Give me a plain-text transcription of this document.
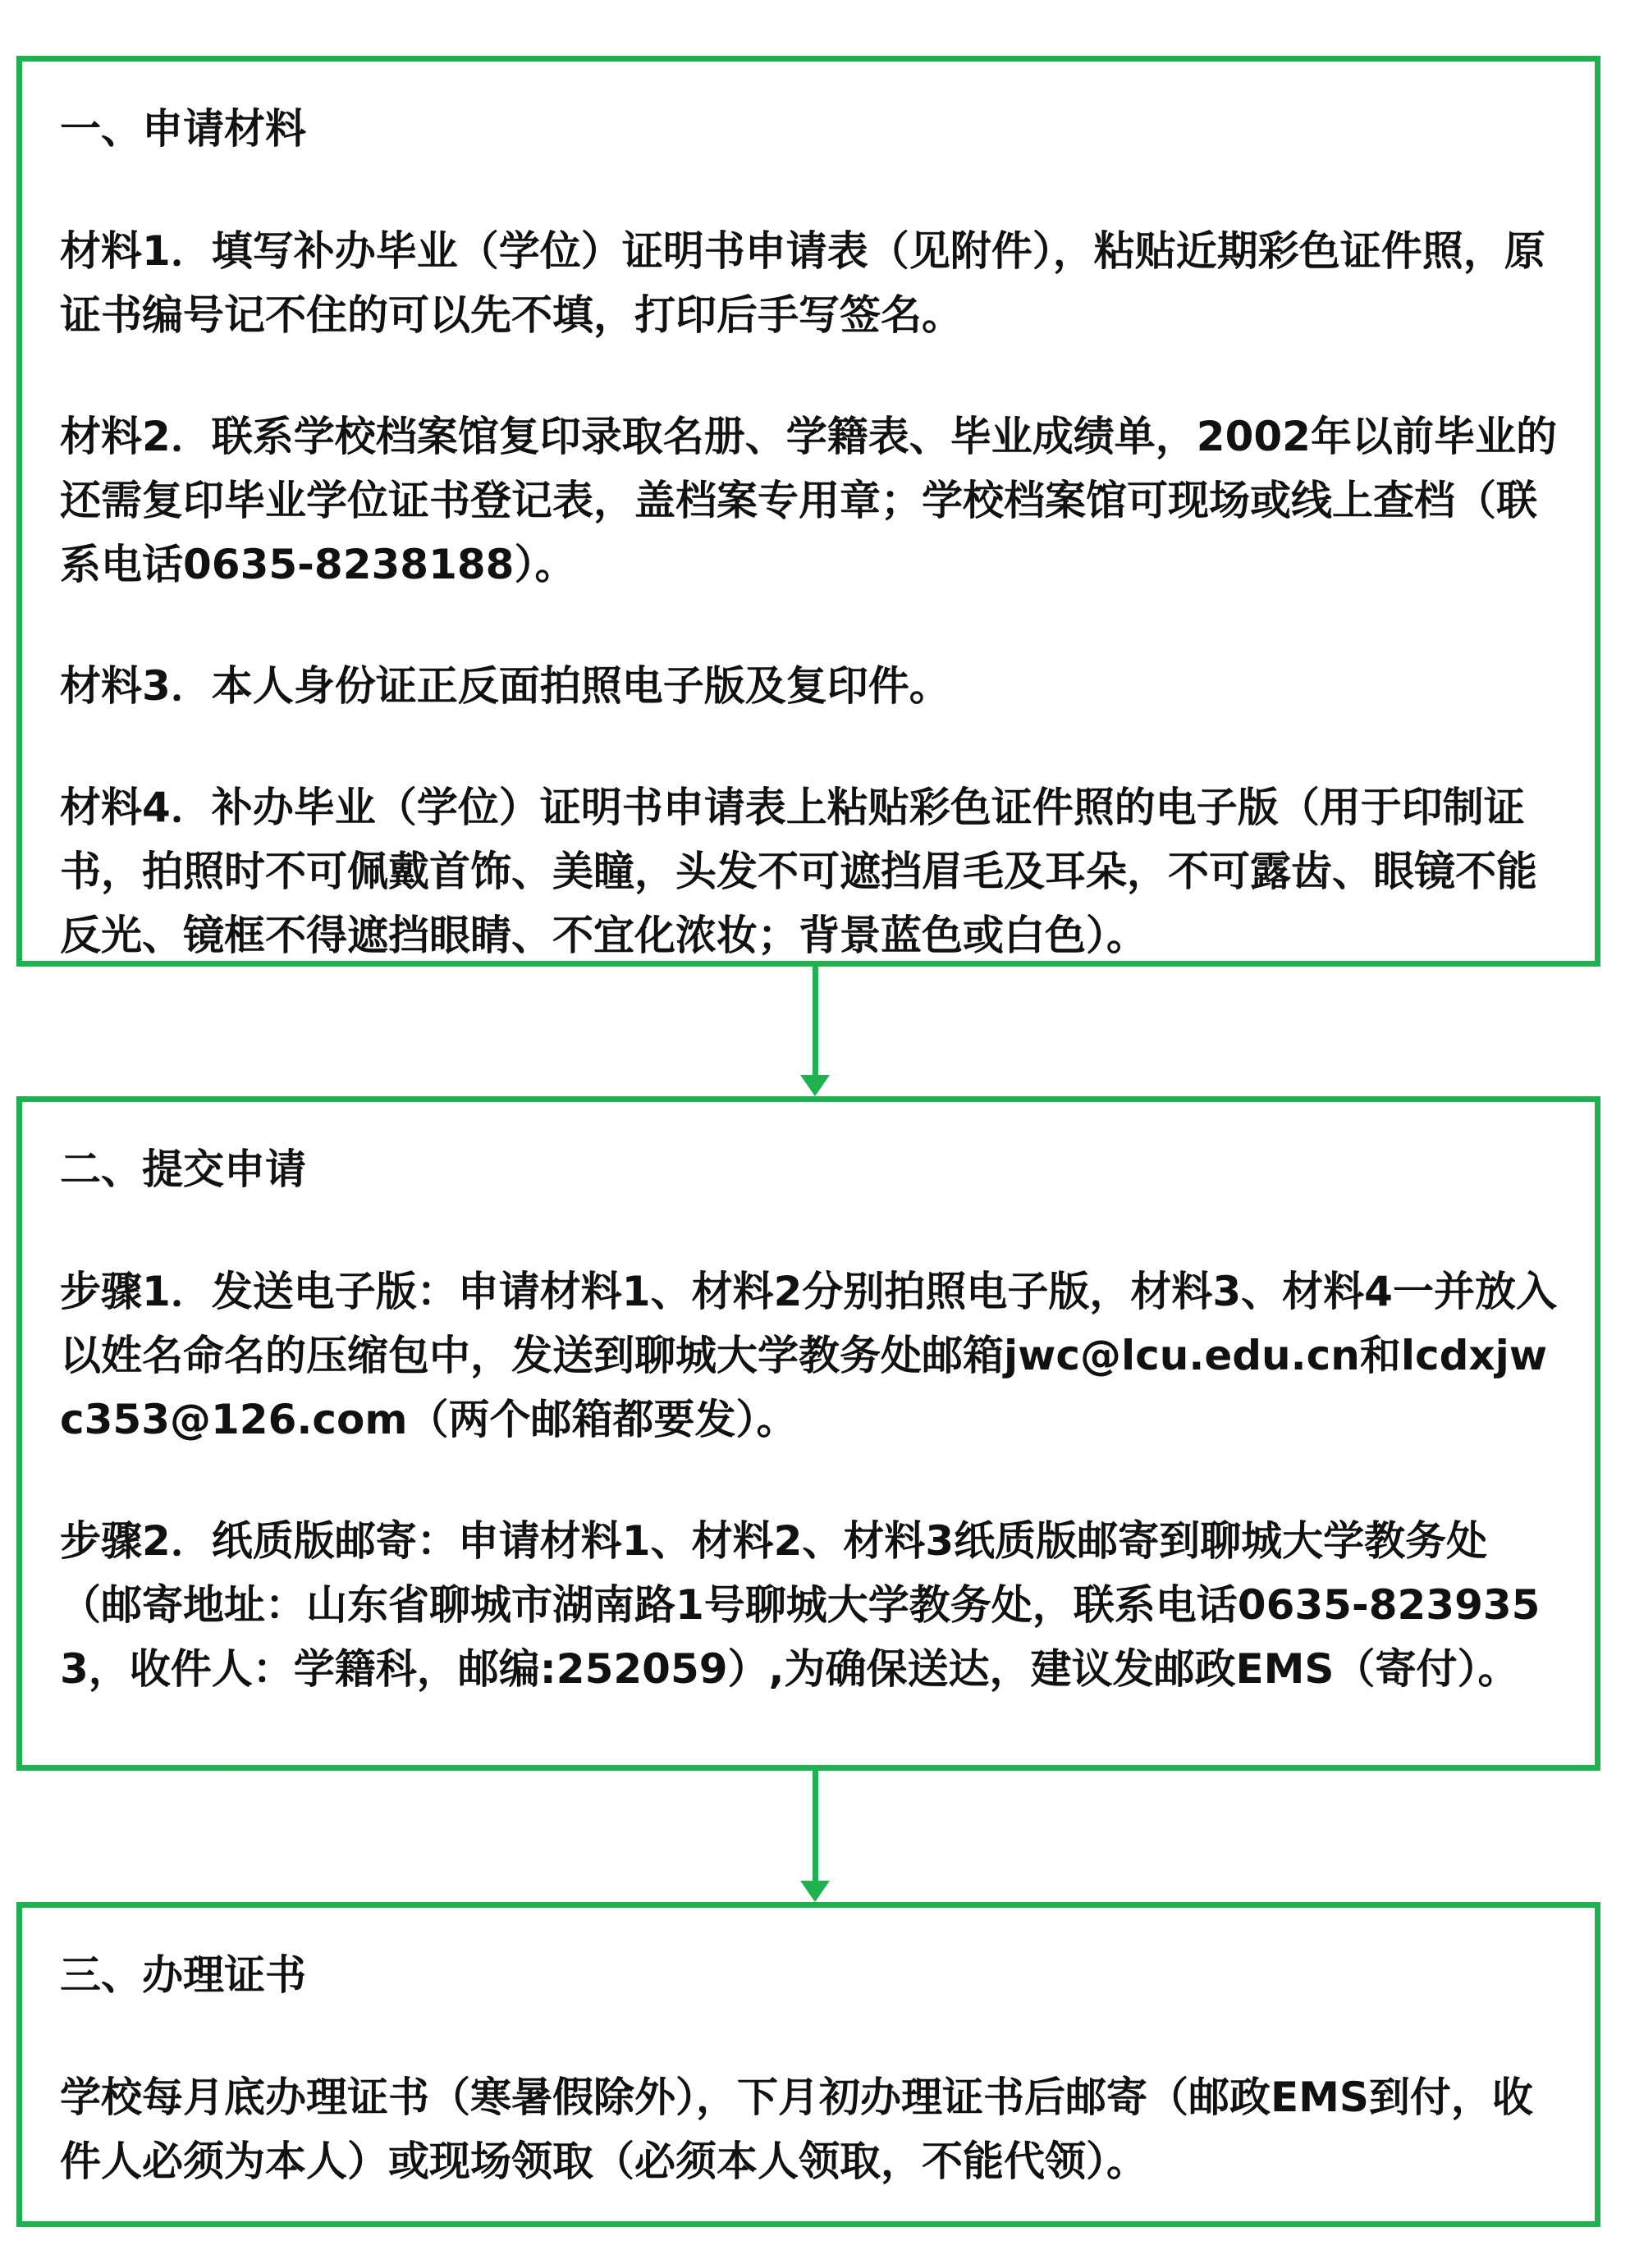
一、申请材料

材料1．填写补办毕业（学位）证明书申请表（见附件），粘贴近期彩色证件照，原证书编号记不住的可以先不填，打印后手写签名。

材料2．联系学校档案馆复印录取名册、学籍表、毕业成绩单，2002年以前毕业的还需复印毕业学位证书登记表，盖档案专用章；学校档案馆可现场或线上查档（联系电话0635-8238188）。

材料3．本人身份证正反面拍照电子版及复印件。

材料4．补办毕业（学位）证明书申请表上粘贴彩色证件照的电子版（用于印制证书，拍照时不可佩戴首饰、美瞳，头发不可遮挡眉毛及耳朵，不可露齿、眼镜不能反光、镜框不得遮挡眼睛、不宜化浓妆；背景蓝色或白色）。

二、提交申请

步骤1．发送电子版：申请材料1、材料2分别拍照电子版，材料3、材料4一并放入以姓名命名的压缩包中，发送到聊城大学教务处邮箱jwc@lcu.edu.cn和lcdxjwc353@126.com（两个邮箱都要发）。

步骤2．纸质版邮寄：申请材料1、材料2、材料3纸质版邮寄到聊城大学教务处（邮寄地址：山东省聊城市湖南路1号聊城大学教务处，联系电话0635-8239353，收件人：学籍科，邮编:252059）,为确保送达，建议发邮政EMS（寄付）。

三、办理证书

学校每月底办理证书（寒暑假除外），下月初办理证书后邮寄（邮政EMS到付，收件人必须为本人）或现场领取（必须本人领取，不能代领）。
